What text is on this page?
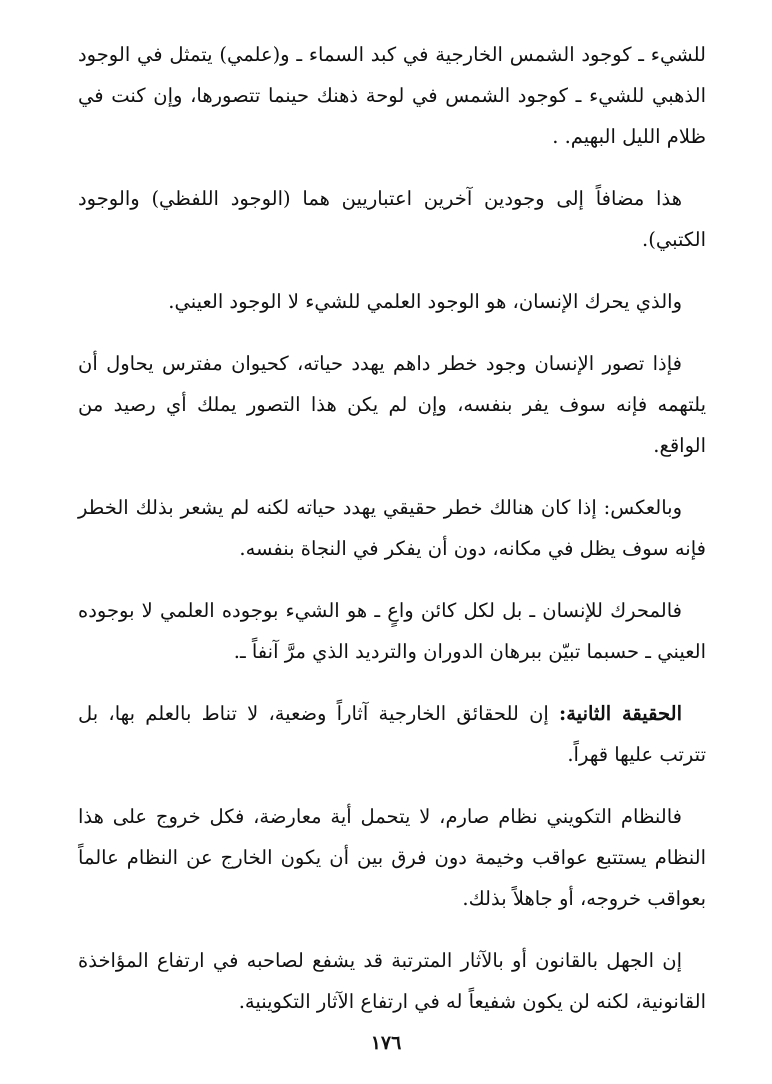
للشيء ـ كوجود الشمس الخارجية في كبد السماء ـ و(علمي) يتمثل في الوجود الذهبي للشيء ـ كوجود الشمس في لوحة ذهنك حينما تتصورها، وإن كنت في ظلام الليل البهيم. .

هذا مضافاً إلى وجودين آخرين اعتباريين هما (الوجود اللفظي) والوجود الكتبي).

والذي يحرك الإنسان، هو الوجود العلمي للشيء لا الوجود العيني.

فإذا تصور الإنسان وجود خطر داهم يهدد حياته، كحيوان مفترس يحاول أن يلتهمه فإنه سوف يفر بنفسه، وإن لم يكن هذا التصور يملك أي رصيد من الواقع.

وبالعكس: إذا كان هنالك خطر حقيقي يهدد حياته لكنه لم يشعر بذلك الخطر فإنه سوف يظل في مكانه، دون أن يفكر في النجاة بنفسه.

فالمحرك للإنسان ـ بل لكل كائن واعٍ ـ هو الشيء بوجوده العلمي لا بوجوده العيني ـ حسبما تبيّن ببرهان الدوران والترديد الذي مرَّ آنفاً ـ.

الحقيقة الثانية: إن للحقائق الخارجية آثاراً وضعية، لا تناط بالعلم بها، بل تترتب عليها قهراً.

فالنظام التكويني نظام صارم، لا يتحمل أية معارضة، فكل خروج على هذا النظام يستتبع عواقب وخيمة دون فرق بين أن يكون الخارج عن النظام عالماً بعواقب خروجه، أو جاهلاً بذلك.

إن الجهل بالقانون أو بالآثار المترتبة قد يشفع لصاحبه في ارتفاع المؤاخذة القانونية، لكنه لن يكون شفيعاً له في ارتفاع الآثار التكوينية.

١٧٦
